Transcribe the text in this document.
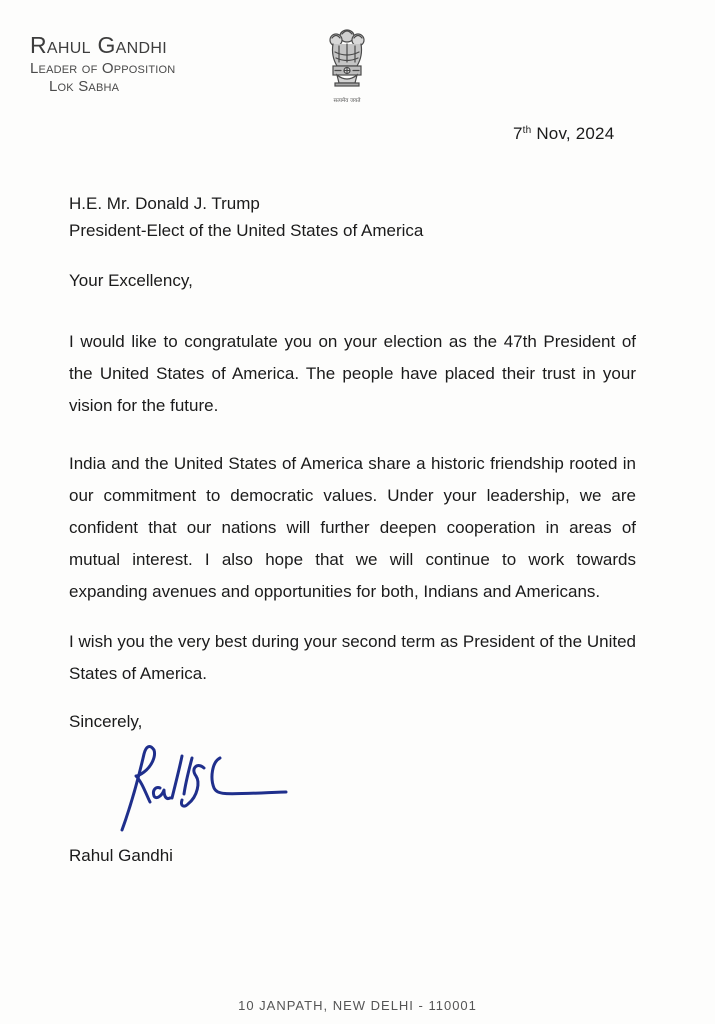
Rahul Gandhi
Leader of Opposition
Lok Sabha
सत्यमेव जयते
7th Nov, 2024
H.E. Mr. Donald J. Trump
President-Elect of the United States of America
Your Excellency,
I would like to congratulate you on your election as the 47th President of the United States of America. The people have placed their trust in your vision for the future.
India and the United States of America share a historic friendship rooted in our commitment to democratic values. Under your leadership, we are confident that our nations will further deepen cooperation in areas of mutual interest. I also hope that we will continue to work towards expanding avenues and opportunities for both, Indians and Americans.
I wish you the very best during your second term as President of the United States of America.
Sincerely,
Rahul Gandhi
10 JANPATH, NEW DELHI - 110001
